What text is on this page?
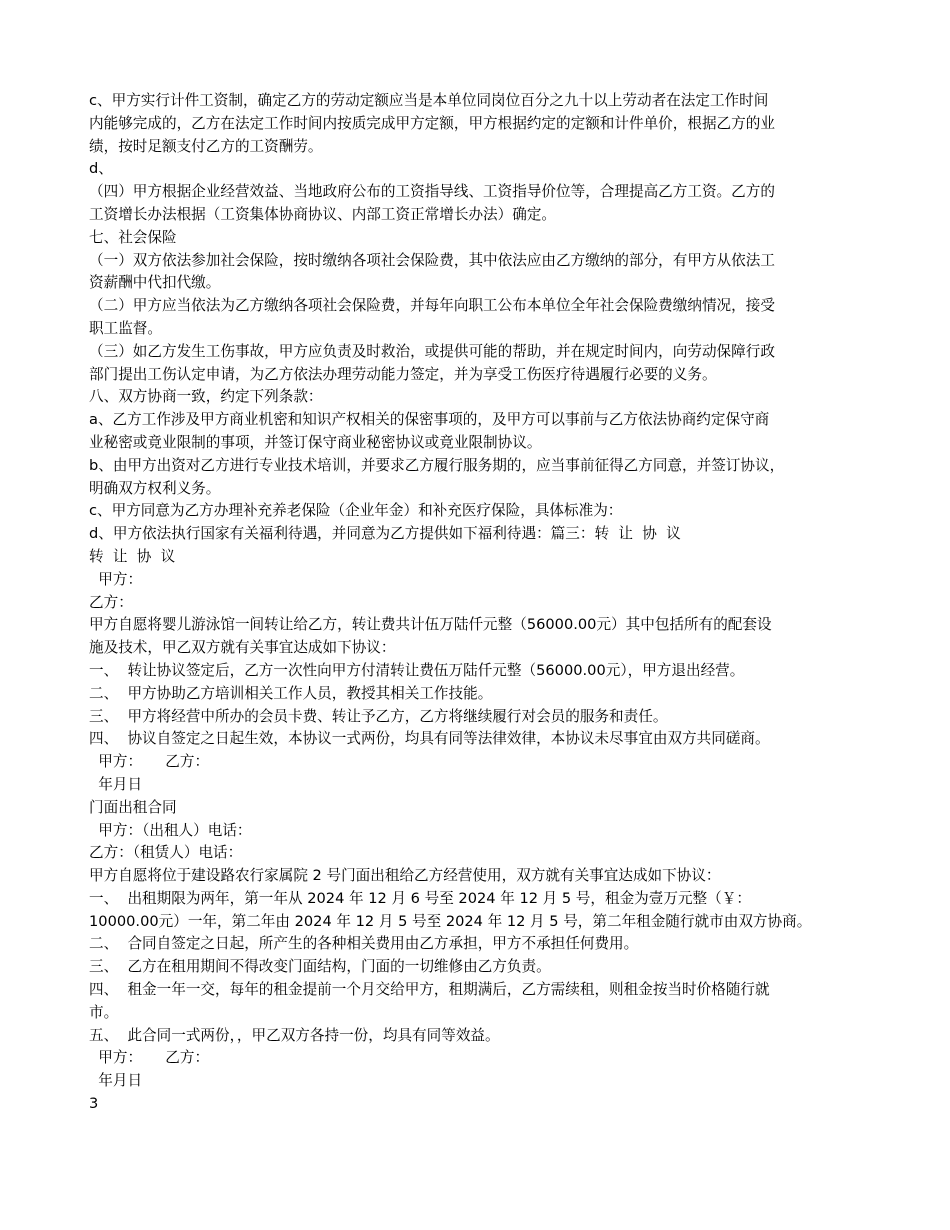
c、甲方实行计件工资制，确定乙方的劳动定额应当是本单位同岗位百分之九十以上劳动者在法定工作时间
内能够完成的，乙方在法定工作时间内按质完成甲方定额，甲方根据约定的定额和计件单价，根据乙方的业
绩，按时足额支付乙方的工资酬劳。
d、
（四）甲方根据企业经营效益、当地政府公布的工资指导线、工资指导价位等，合理提高乙方工资。乙方的
工资增长办法根据（工资集体协商协议、内部工资正常增长办法）确定。
七、社会保险
（一）双方依法参加社会保险，按时缴纳各项社会保险费，其中依法应由乙方缴纳的部分，有甲方从依法工
资薪酬中代扣代缴。
（二）甲方应当依法为乙方缴纳各项社会保险费，并每年向职工公布本单位全年社会保险费缴纳情况，接受
职工监督。
（三）如乙方发生工伤事故，甲方应负责及时救治，或提供可能的帮助，并在规定时间内，向劳动保障行政
部门提出工伤认定申请，为乙方依法办理劳动能力签定，并为享受工伤医疗待遇履行必要的义务。
八、双方协商一致，约定下列条款：
a、乙方工作涉及甲方商业机密和知识产权相关的保密事项的，及甲方可以事前与乙方依法协商约定保守商
业秘密或竟业限制的事项，并签订保守商业秘密协议或竟业限制协议。
b、由甲方出资对乙方进行专业技术培训，并要求乙方履行服务期的，应当事前征得乙方同意，并签订协议，
明确双方权利义务。
c、甲方同意为乙方办理补充养老保险（企业年金）和补充医疗保险，具体标准为：
d、甲方依法执行国家有关福利待遇，并同意为乙方提供如下福利待遇：篇三：转  让  协  议
转  让  协  议
甲方：
乙方：
甲方自愿将婴儿游泳馆一间转让给乙方，转让费共计伍万陆仟元整（56000.00元）其中包括所有的配套设
施及技术，甲乙双方就有关事宜达成如下协议：
一、  转让协议签定后，乙方一次性向甲方付清转让费伍万陆仟元整（56000.00元），甲方退出经营。
二、  甲方协助乙方培训相关工作人员，教授其相关工作技能。
三、  甲方将经营中所办的会员卡费、转让予乙方，乙方将继续履行对会员的服务和责任。
四、  协议自签定之日起生效，本协议一式两份，均具有同等法律效律，本协议未尽事宜由双方共同磋商。
甲方：     乙方：
年月日
门面出租合同
甲方：（出租人）电话：
乙方：（租赁人）电话：
甲方自愿将位于建设路农行家属院 2 号门面出租给乙方经营使用，双方就有关事宜达成如下协议：
一、  出租期限为两年，第一年从 2024 年 12 月 6 号至 2024 年 12 月 5 号，租金为壹万元整（￥：
10000.00元）一年，第二年由 2024 年 12 月 5 号至 2024 年 12 月 5 号，第二年租金随行就市由双方协商。
二、  合同自签定之日起，所产生的各种相关费用由乙方承担，甲方不承担任何费用。
三、  乙方在租用期间不得改变门面结构，门面的一切维修由乙方负责。
四、  租金一年一交，每年的租金提前一个月交给甲方，租期满后，乙方需续租，则租金按当时价格随行就
市。
五、  此合同一式两份，，甲乙双方各持一份，均具有同等效益。
甲方：     乙方：
年月日
3
